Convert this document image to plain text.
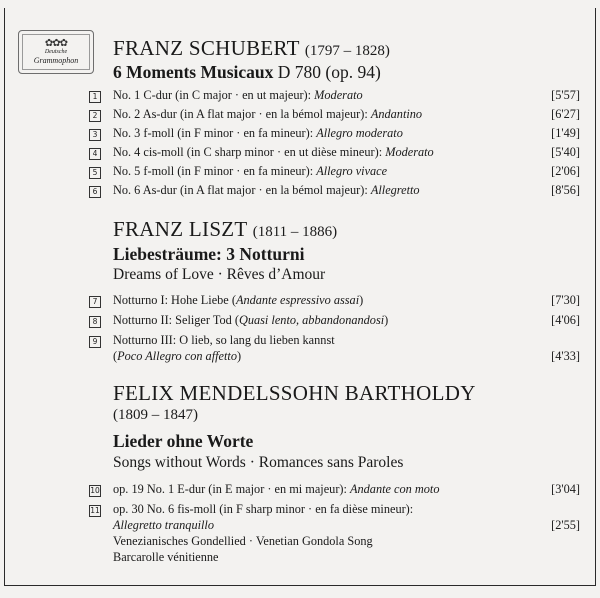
✿✿✿
Deutsche
Grammophon
FRANZ SCHUBERT (1797 – 1828)
6 Moments Musicaux D 780 (op. 94)
1 No. 1 C-dur (in C major · en ut majeur): Moderato	[5'57]
2 No. 2 As-dur (in A flat major · en la bémol majeur): Andantino	[6'27]
3 No. 3 f-moll (in F minor · en fa mineur): Allegro moderato	[1'49]
4 No. 4 cis-moll (in C sharp minor · en ut dièse mineur): Moderato	[5'40]
5 No. 5 f-moll (in F minor · en fa mineur): Allegro vivace	[2'06]
6 No. 6 As-dur (in A flat major · en la bémol majeur): Allegretto	[8'56]
FRANZ LISZT (1811 – 1886)
Liebesträume: 3 Notturni
Dreams of Love · Rêves d’Amour
7 Notturno I: Hohe Liebe (Andante espressivo assai)	[7'30]
8 Notturno II: Seliger Tod (Quasi lento, abbandonandosi)	[4'06]
9 Notturno III: O lieb, so lang du lieben kannst
(Poco Allegro con affetto)	[4'33]
FELIX MENDELSSOHN BARTHOLDY
(1809 – 1847)
Lieder ohne Worte
Songs without Words · Romances sans Paroles
10 op. 19 No. 1 E-dur (in E major · en mi majeur): Andante con moto	[3'04]
11 op. 30 No. 6 fis-moll (in F sharp minor · en fa dièse mineur):
Allegretto tranquillo	[2'55]
Venezianisches Gondellied · Venetian Gondola Song
Barcarolle vénitienne
